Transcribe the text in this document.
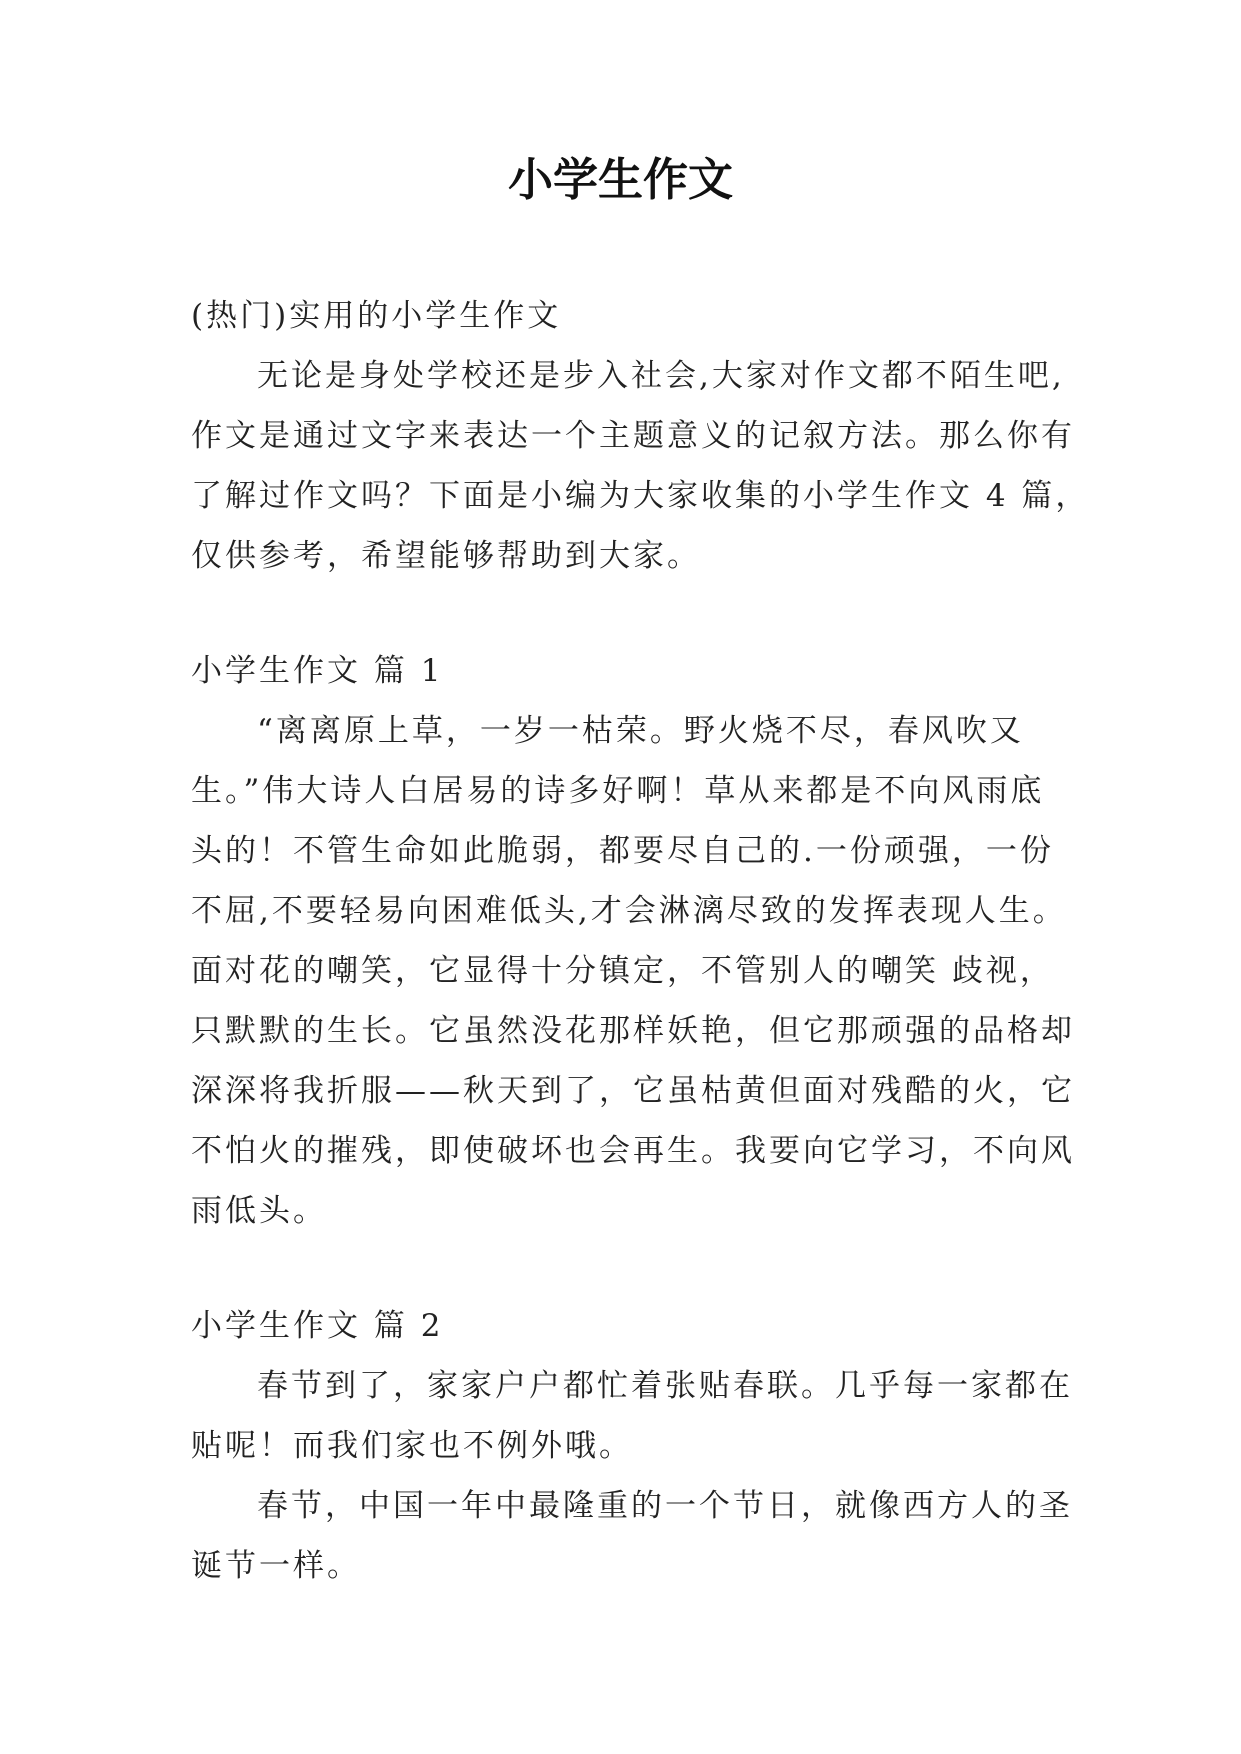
小学生作文

(热门)实用的小学生作文

无论是身处学校还是步入社会,大家对作文都不陌生吧,

作文是通过文字来表达一个主题意义的记叙方法。那么你有

了解过作文吗？下面是小编为大家收集的小学生作文 4 篇，

仅供参考，希望能够帮助到大家。

小学生作文 篇 1

“离离原上草，一岁一枯荣。野火烧不尽，春风吹又

生。”伟大诗人白居易的诗多好啊！草从来都是不向风雨底

头的！不管生命如此脆弱，都要尽自己的.一份顽强，一份

不屈,不要轻易向困难低头,才会淋漓尽致的发挥表现人生。

面对花的嘲笑，它显得十分镇定，不管别人的嘲笑 歧视，

只默默的生长。它虽然没花那样妖艳，但它那顽强的品格却

深深将我折服——秋天到了，它虽枯黄但面对残酷的火，它

不怕火的摧残，即使破坏也会再生。我要向它学习，不向风

雨低头。

小学生作文 篇 2

春节到了，家家户户都忙着张贴春联。几乎每一家都在

贴呢！而我们家也不例外哦。

春节，中国一年中最隆重的一个节日，就像西方人的圣

诞节一样。
